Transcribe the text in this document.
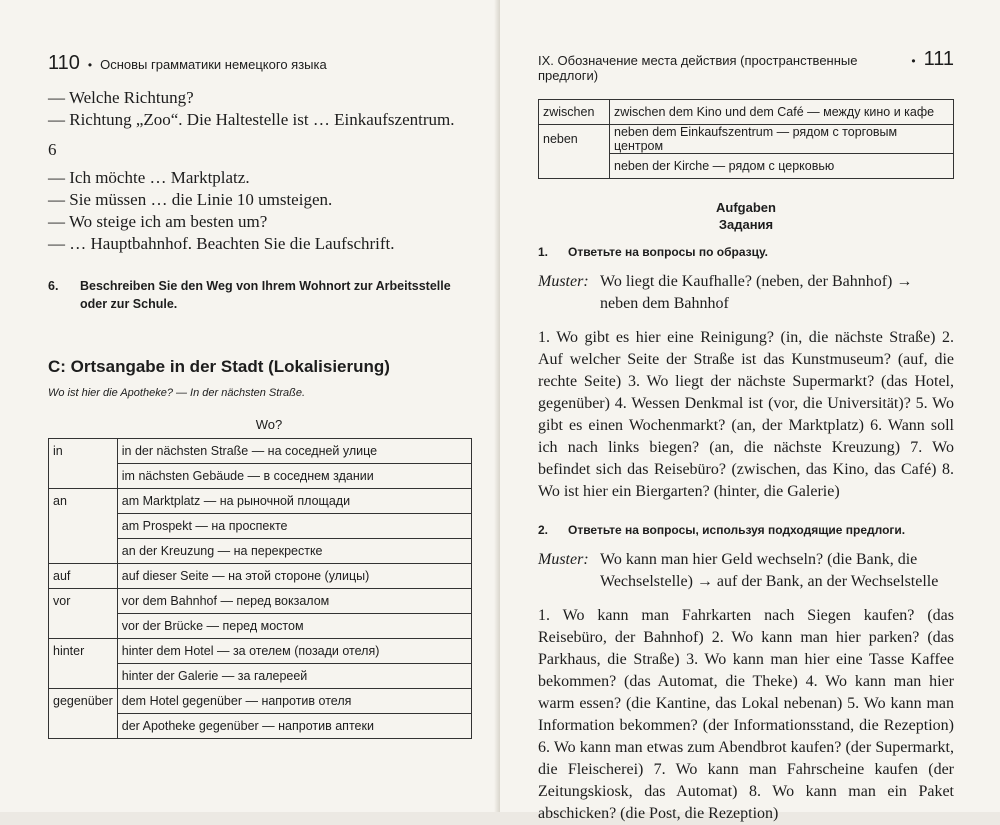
110 • Основы грамматики немецкого языка
— Welche Richtung?
— Richtung „Zoo“. Die Haltestelle ist … Einkaufszentrum.
6
— Ich möchte … Marktplatz.
— Sie müssen … die Linie 10 umsteigen.
— Wo steige ich am besten um?
— … Hauptbahnhof. Beachten Sie die Laufschrift.
6.	Beschreiben Sie den Weg von Ihrem Wohnort zur Arbeitsstelle oder zur Schule.
C: Ortsangabe in der Stadt (Lokalisierung)
Wo ist hier die Apotheke? — In der nächsten Straße.
Wo?
in	in der nächsten Straße — на соседней улице
	im nächsten Gebäude — в соседнем здании
an	am Marktplatz — на рыночной площади
	am Prospekt — на проспекте
	an der Kreuzung — на перекрестке
auf	auf dieser Seite — на этой стороне (улицы)
vor	vor dem Bahnhof — перед вокзалом
	vor der Brücke — перед мостом
hinter	hinter dem Hotel — за отелем (позади отеля)
	hinter der Galerie — за галереей
gegenüber	dem Hotel gegenüber — напротив отеля
	der Apotheke gegenüber — напротив аптеки
IX. Обозначение места действия (пространственные предлоги)
• 111
zwischen	zwischen dem Kino und dem Café — между кино и кафе
neben	neben dem Einkaufszentrum — рядом с торговым центром
	neben der Kirche — рядом с церковью
Aufgaben
Задания
1.	Ответьте на вопросы по образцу.
Muster: Wo liegt die Kaufhalle? (neben, der Bahnhof) → neben dem Bahnhof
1. Wo gibt es hier eine Reinigung? (in, die nächste Straße) 2. Auf welcher Seite der Straße ist das Kunstmuseum? (auf, die rechte Seite) 3. Wo liegt der nächste Supermarkt? (das Hotel, gegenüber) 4. Wessen Denkmal ist (vor, die Universität)? 5. Wo gibt es einen Wochenmarkt? (an, der Marktplatz) 6. Wann soll ich nach links biegen? (an, die nächste Kreuzung) 7. Wo befindet sich das Reisebüro? (zwischen, das Kino, das Café) 8. Wo ist hier ein Biergarten? (hinter, die Galerie)
2.	Ответьте на вопросы, используя подходящие предлоги.
Muster: Wo kann man hier Geld wechseln? (die Bank, die Wechselstelle) → auf der Bank, an der Wechselstelle
1. Wo kann man Fahrkarten nach Siegen kaufen? (das Reisebüro, der Bahnhof) 2. Wo kann man hier parken? (das Parkhaus, die Straße) 3. Wo kann man hier eine Tasse Kaffee bekommen? (das Automat, die Theke) 4. Wo kann man hier warm essen? (die Kantine, das Lokal nebenan) 5. Wo kann man Information bekommen? (der Informationsstand, die Rezeption) 6. Wo kann man etwas zum Abendbrot kaufen? (der Supermarkt, die Fleischerei) 7. Wo kann man Fahrscheine kaufen (der Zeitungskiosk, das Automat) 8. Wo kann man ein Paket abschicken? (die Post, die Rezeption)
